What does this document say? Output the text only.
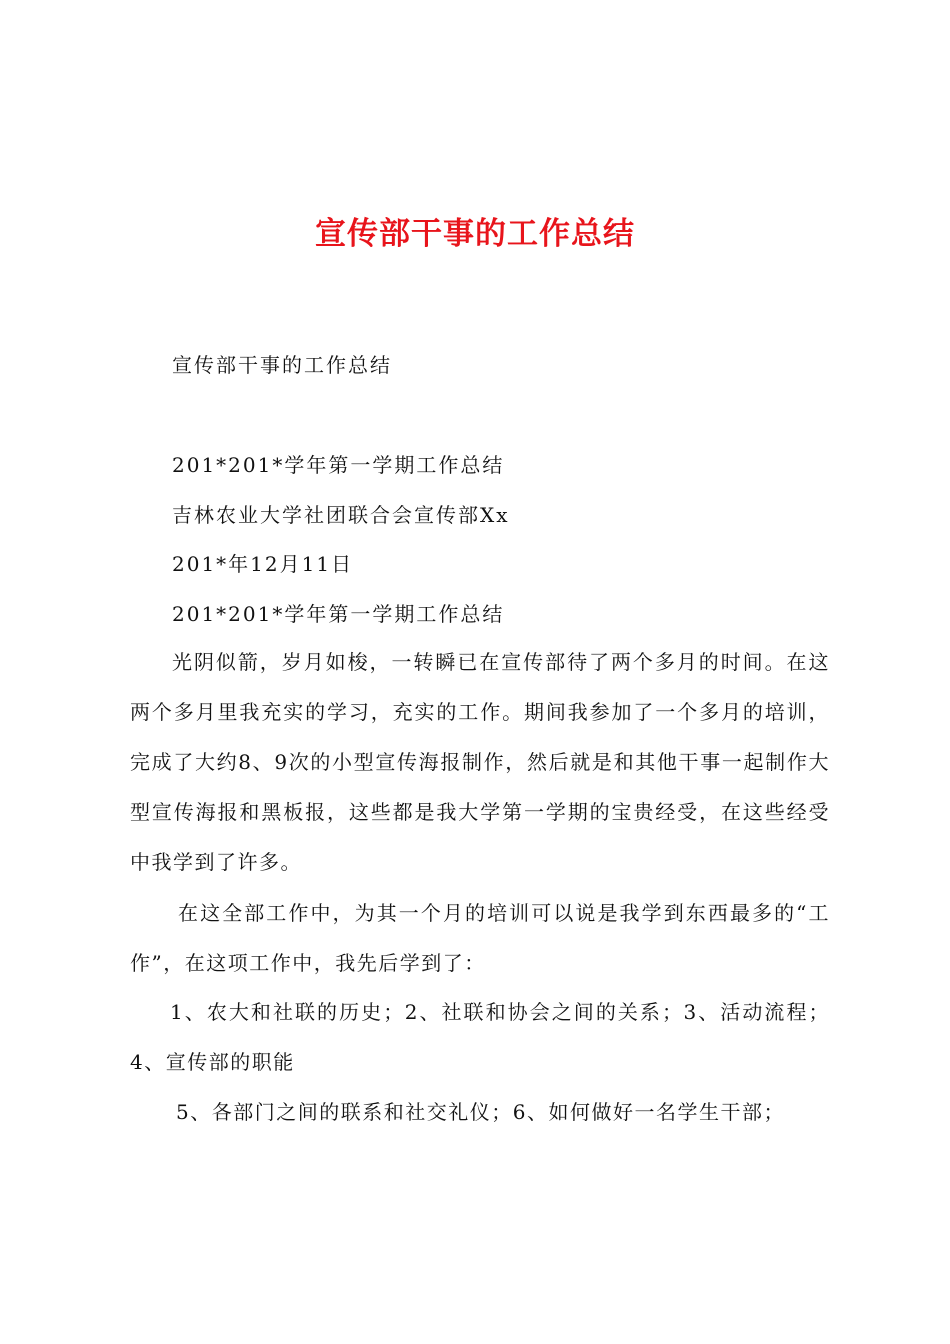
宣传部干事的工作总结
宣传部干事的工作总结
201*201*学年第一学期工作总结
吉林农业大学社团联合会宣传部Xx
201*年12月11日
201*201*学年第一学期工作总结
光阴似箭，岁月如梭，一转瞬已在宣传部待了两个多月的时间。在这两个多月里我充实的学习，充实的工作。期间我参加了一个多月的培训，完成了大约8、9次的小型宣传海报制作，然后就是和其他干事一起制作大型宣传海报和黑板报，这些都是我大学第一学期的宝贵经受，在这些经受中我学到了许多。
在这全部工作中，为其一个月的培训可以说是我学到东西最多的“工作”，在这项工作中，我先后学到了：
1、农大和社联的历史；2、社联和协会之间的关系；3、活动流程；4、宣传部的职能
5、各部门之间的联系和社交礼仪；6、如何做好一名学生干部；
